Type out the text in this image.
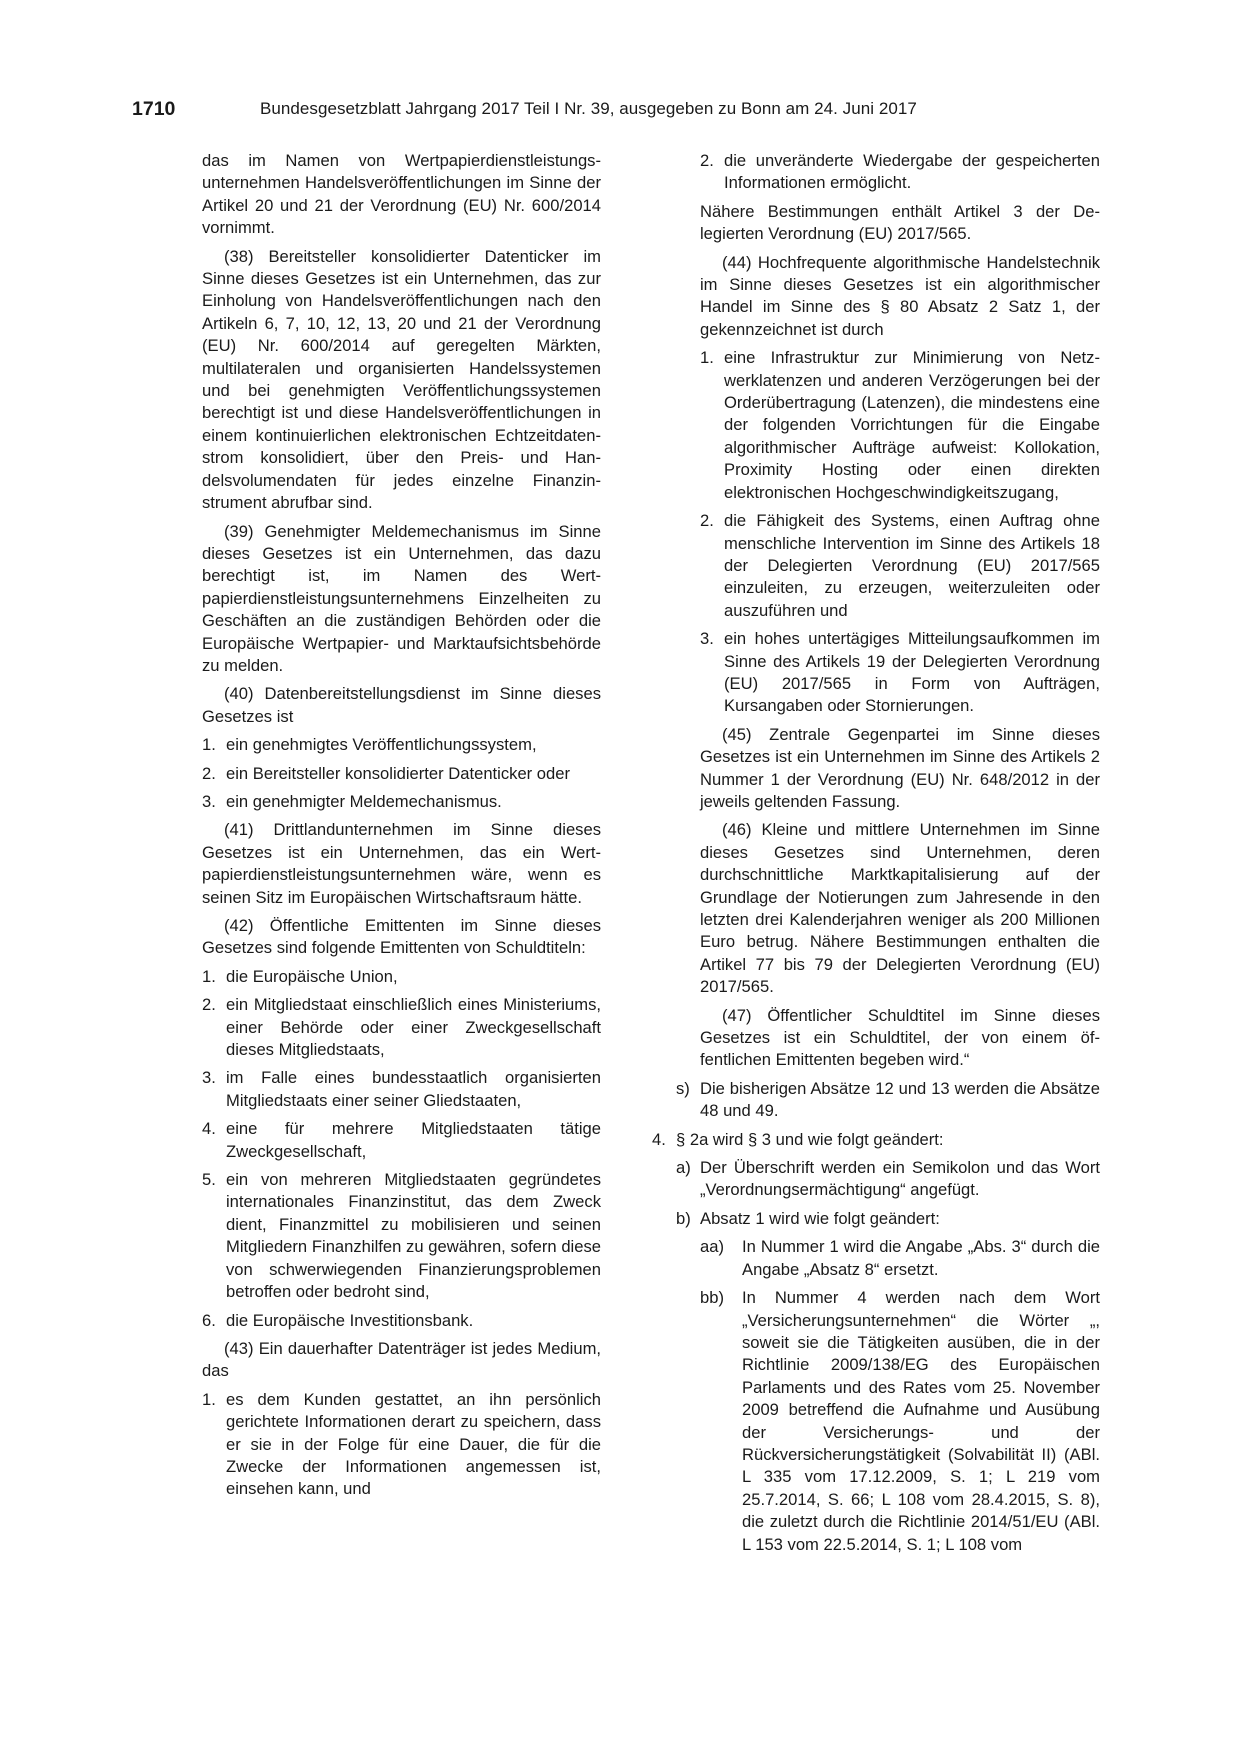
1710	Bundesgesetzblatt Jahrgang 2017 Teil I Nr. 39, ausgegeben zu Bonn am 24. Juni 2017

das im Namen von Wertpapierdienstleistungsunternehmen Handelsveröffentlichungen im Sinne der Artikel 20 und 21 der Verordnung (EU) Nr. 600/2014 vornimmt.

(38) Bereitsteller konsolidierter Datenticker im Sinne dieses Gesetzes ist ein Unternehmen, das zur Einholung von Handelsveröffentlichungen nach den Artikeln 6, 7, 10, 12, 13, 20 und 21 der Verordnung (EU) Nr. 600/2014 auf geregelten Märkten, multilateralen und organisierten Handelssystemen und bei genehmigten Veröffentlichungssystemen berechtigt ist und diese Handelsveröffentlichungen in einem kontinuierlichen elektronischen Echtzeitdatenstrom konsolidiert, über den Preis- und Handelsvolumendaten für jedes einzelne Finanzinstrument abrufbar sind.

(39) Genehmigter Meldemechanismus im Sinne dieses Gesetzes ist ein Unternehmen, das dazu berechtigt ist, im Namen des Wertpapierdienstleistungsunternehmens Einzelheiten zu Geschäften an die zuständigen Behörden oder die Europäische Wertpapier- und Marktaufsichtsbehörde zu melden.

(40) Datenbereitstellungsdienst im Sinne dieses Gesetzes ist

1. ein genehmigtes Veröffentlichungssystem,
2. ein Bereitsteller konsolidierter Datenticker oder
3. ein genehmigter Meldemechanismus.

(41) Drittlandunternehmen im Sinne dieses Gesetzes ist ein Unternehmen, das ein Wertpapierdienstleistungsunternehmen wäre, wenn es seinen Sitz im Europäischen Wirtschaftsraum hätte.

(42) Öffentliche Emittenten im Sinne dieses Gesetzes sind folgende Emittenten von Schuldtiteln:

1. die Europäische Union,
2. ein Mitgliedstaat einschließlich eines Ministeriums, einer Behörde oder einer Zweckgesellschaft dieses Mitgliedstaats,
3. im Falle eines bundesstaatlich organisierten Mitgliedstaats einer seiner Gliedstaaten,
4. eine für mehrere Mitgliedstaaten tätige Zweckgesellschaft,
5. ein von mehreren Mitgliedstaaten gegründetes internationales Finanzinstitut, das dem Zweck dient, Finanzmittel zu mobilisieren und seinen Mitgliedern Finanzhilfen zu gewähren, sofern diese von schwerwiegenden Finanzierungsproblemen betroffen oder bedroht sind,
6. die Europäische Investitionsbank.

(43) Ein dauerhafter Datenträger ist jedes Medium, das

1. es dem Kunden gestattet, an ihn persönlich gerichtete Informationen derart zu speichern, dass er sie in der Folge für eine Dauer, die für die Zwecke der Informationen angemessen ist, einsehen kann, und
2. die unveränderte Wiedergabe der gespeicherten Informationen ermöglicht.

Nähere Bestimmungen enthält Artikel 3 der Delegierten Verordnung (EU) 2017/565.

(44) Hochfrequente algorithmische Handelstechnik im Sinne dieses Gesetzes ist ein algorithmischer Handel im Sinne des § 80 Absatz 2 Satz 1, der gekennzeichnet ist durch

1. eine Infrastruktur zur Minimierung von Netzwerklatenzen und anderen Verzögerungen bei der Orderübertragung (Latenzen), die mindestens eine der folgenden Vorrichtungen für die Eingabe algorithmischer Aufträge aufweist: Kollokation, Proximity Hosting oder einen direkten elektronischen Hochgeschwindigkeitszugang,
2. die Fähigkeit des Systems, einen Auftrag ohne menschliche Intervention im Sinne des Artikels 18 der Delegierten Verordnung (EU) 2017/565 einzuleiten, zu erzeugen, weiterzuleiten oder auszuführen und
3. ein hohes untertägiges Mitteilungsaufkommen im Sinne des Artikels 19 der Delegierten Verordnung (EU) 2017/565 in Form von Aufträgen, Kursangaben oder Stornierungen.

(45) Zentrale Gegenpartei im Sinne dieses Gesetzes ist ein Unternehmen im Sinne des Artikels 2 Nummer 1 der Verordnung (EU) Nr. 648/2012 in der jeweils geltenden Fassung.

(46) Kleine und mittlere Unternehmen im Sinne dieses Gesetzes sind Unternehmen, deren durchschnittliche Marktkapitalisierung auf der Grundlage der Notierungen zum Jahresende in den letzten drei Kalenderjahren weniger als 200 Millionen Euro betrug. Nähere Bestimmungen enthalten die Artikel 77 bis 79 der Delegierten Verordnung (EU) 2017/565.

(47) Öffentlicher Schuldtitel im Sinne dieses Gesetzes ist ein Schuldtitel, der von einem öffentlichen Emittenten begeben wird.“

s) Die bisherigen Absätze 12 und 13 werden die Absätze 48 und 49.
4. § 2a wird § 3 und wie folgt geändert:
a) Der Überschrift werden ein Semikolon und das Wort „Verordnungsermächtigung“ angefügt.
b) Absatz 1 wird wie folgt geändert:
aa)	In Nummer 1 wird die Angabe „Abs. 3“ durch die Angabe „Absatz 8“ ersetzt.
bb)	In Nummer 4 werden nach dem Wort „Versicherungsunternehmen“ die Wörter „, soweit sie die Tätigkeiten ausüben, die in der Richtlinie 2009/138/EG des Europäischen Parlaments und des Rates vom 25. November 2009 betreffend die Aufnahme und Ausübung der Versicherungs- und der Rückversicherungstätigkeit (Solvabilität II) (ABl. L 335 vom 17.12.2009, S. 1; L 219 vom 25.7.2014, S. 66; L 108 vom 28.4.2015, S. 8), die zuletzt durch die Richtlinie 2014/51/EU (ABl. L 153 vom 22.5.2014, S. 1; L 108 vom
